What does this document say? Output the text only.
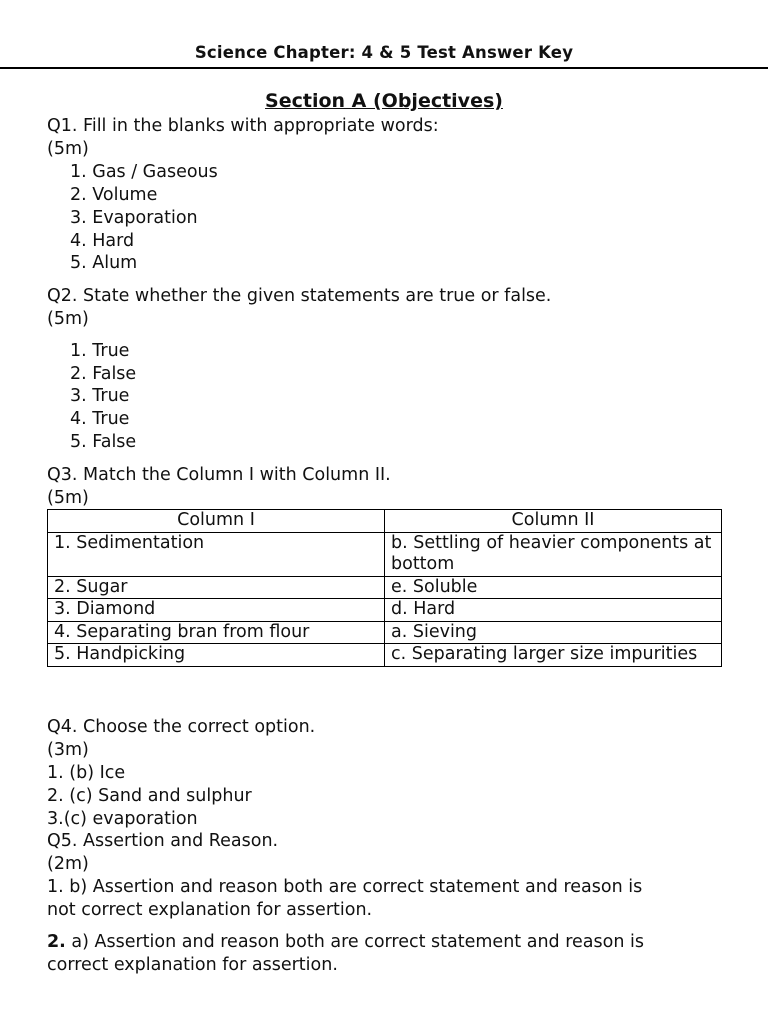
Science Chapter: 4 & 5 Test Answer Key
Section A (Objectives)
Q1. Fill in the blanks with appropriate words:
(5m)
1. Gas / Gaseous
2. Volume
3. Evaporation
4. Hard
5. Alum
Q2. State whether the given statements are true or false.
(5m)
1. True
2. False
3. True
4. True
5. False
Q3. Match the Column I with Column II.
(5m)
Column I	Column II
1. Sedimentation	b. Settling of heavier components at bottom
2. Sugar	e. Soluble
3. Diamond	d. Hard
4. Separating bran from flour	a. Sieving
5. Handpicking	c. Separating larger size impurities
Q4. Choose the correct option.
(3m)
1. (b) Ice
2. (c) Sand and sulphur
3.(c) evaporation
Q5. Assertion and Reason.
(2m)
1. b) Assertion and reason both are correct statement and reason is
not correct explanation for assertion.
2. a) Assertion and reason both are correct statement and reason is
correct explanation for assertion.
